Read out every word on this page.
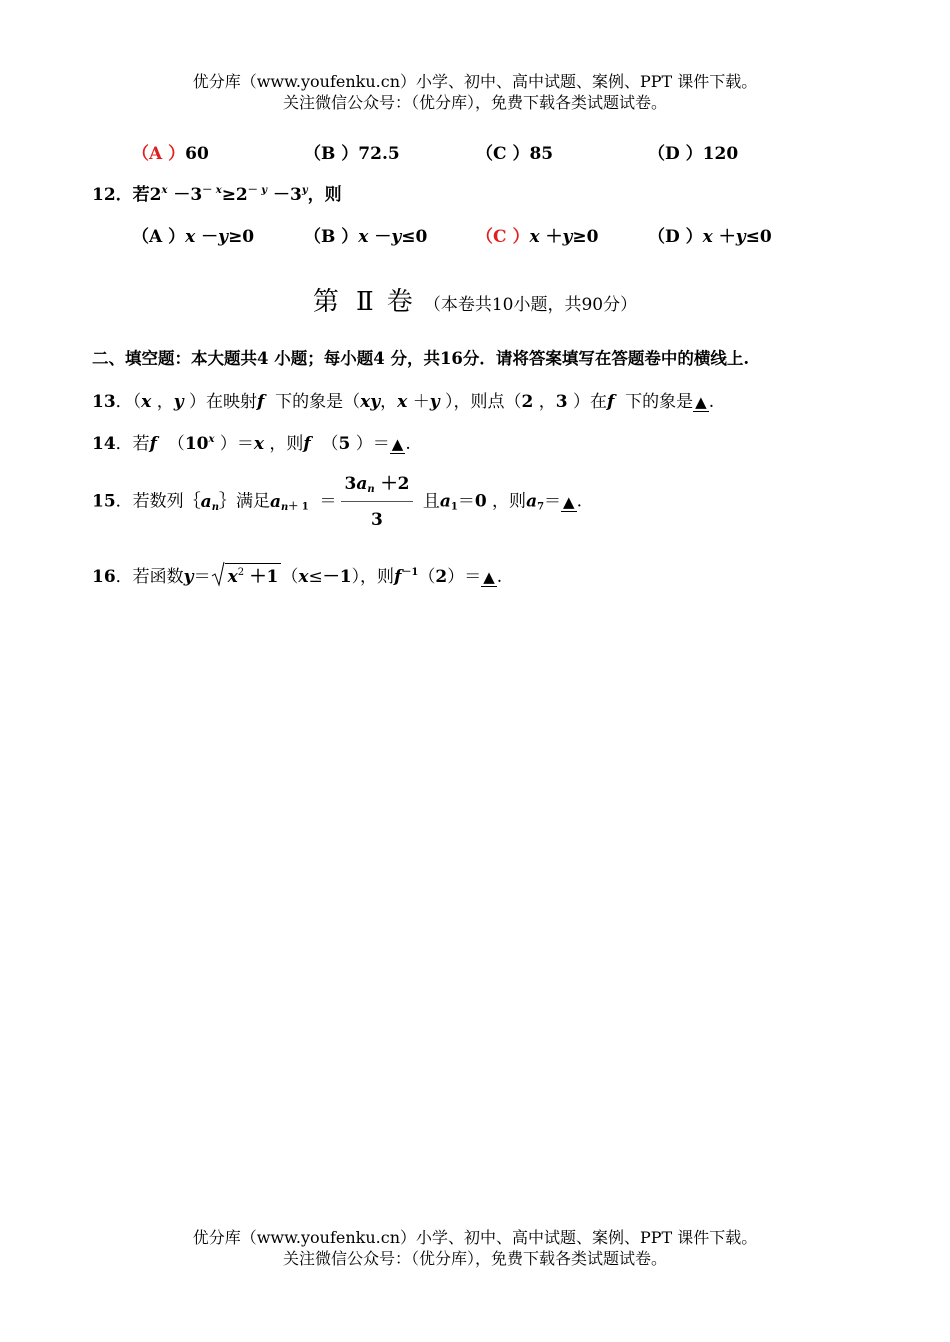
优分库（www.youfenku.cn）小学、初中、高中试题、案例、PPT 课件下载。
关注微信公众号：（优分库），免费下载各类试题试卷。
（A ）60	（B ）72.5	（C ）85	（D ）120
12．若$2^x -3^{- x}\ge 2^{- y} -3^y$，则
（A ）x －y≥0	（B ）x －y≤0	（C ）x ＋y≥0	（D ）x ＋y≤0
第 Ⅱ 卷 （本卷共10小题，共90分）
二、填空题：本大题共4 小题；每小题4 分，共16分．请将答案填写在答题卷中的横线上.
13．（x ，y ）在映射f  下的象是（xy，x ＋y ），则点（2 ，3 ）在f  下的象是 ▲ .
14．若f  （10$^x$ ）＝x ，则f  （5 ）＝ ▲ .
15．若数列$\{a_n\}$满足$a_{n+ 1} = \frac{3a_n +2}{3}$ 且$a_1=0$ ，则$a_7=$ ▲ .
16．若函数$y= x^2 +1$ （x≤－1），则$f^{-1}(2)=$ ▲ .
优分库（www.youfenku.cn）小学、初中、高中试题、案例、PPT 课件下载。
关注微信公众号：（优分库），免费下载各类试题试卷。
